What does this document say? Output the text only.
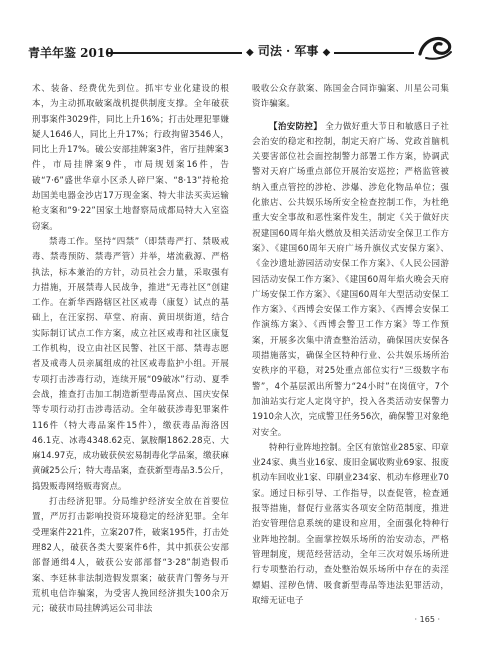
青羊年鉴 2010	◆ 司法 · 军事 ◆

术、装备、经费优先到位。抓牢专业化建设的根本，为主动抓取破案战机提供制度支撑。全年破获刑事案件3029件，同比上升16%；打击处理犯罪嫌疑人1646人，同比上升17%；行政拘留3546人，同比上升17%。破公安部挂牌案3件，省厅挂牌案3件，市局挂牌案9件，市局规划案16件，告破“7·6”盛世华章小区杀人碎尸案、“8·13”持枪抢劫国美电器金沙店17万现金案、特大非法买卖运输枪支案和“9·22”国家土地督察局成都局特大入室盗窃案。

禁毒工作。坚持“四禁”（即禁毒严打、禁吸戒毒、禁毒预防、禁毒严管）并举，堵流截源、严格执法，标本兼治的方针，动员社会力量，采取强有力措施，开展禁毒人民战争，推进“无毒社区”创建工作。在新华西路辖区社区戒毒（康复）试点的基础上，在汪家拐、草堂、府南、黄田坝街道，结合实际制订试点工作方案，成立社区戒毒和社区康复工作机构，设立由社区民警、社区干部、禁毒志愿者及戒毒人员亲属组成的社区戒毒监护小组。开展专项打击涉毒行动，连续开展“09破冰”行动、夏季会战，推查打击加工制造新型毒品窝点、国庆安保等专项行动打击涉毒活动。全年破获涉毒犯罪案件116件（特大毒品案件15件），缴获毒品海洛因46.1克、冰毒4348.62克、氯胺酮1862.28克、大麻14.97克，成功破获侯宏易制毒化学品案，缴获麻黄碱25公斤；特大毒品案，查获新型毒品3.5公斤，捣毁贩毒网络贩毒窝点。

打击经济犯罪。分局维护经济安全放在首要位置，严厉打击影响投资环境稳定的经济犯罪。全年受理案件221件，立案207件，破案195件，打击处理82人，破获各类大要案件6件，其中抓获公安部部督通缉4人，破获公安部部督“3·28”制造假币案、李廷林非法制造假发票案；破获青门警务与开荒机电信诈骗案，为受害人挽回经济损失100余万元；破获市局挂牌鸿运公司非法

吸收公众存款案、陈国金合同诈骗案、川星公司集资诈骗案。

【治安防控】 全力做好重大节日和敏感日子社会治安的稳定和控制，制定天府广场、党政首脑机关要害部位社会面控制警力部署工作方案，协调武警对天府广场重点部位开展治安巡控；严格监管被纳入重点管控的涉枪、涉爆、涉危化物品单位；强化旅店、公共娱乐场所安全检查控制工作，为杜绝重大安全事故和恶性案件发生，制定《关于做好庆祝建国60周年焰火燃放及相关活动安全保卫工作方案》、《建国60周年天府广场升旗仪式安保方案》、《金沙遗址游园活动安保工作方案》、《人民公园游园活动安保工作方案》、《建国60周年焰火晚会天府广场安保工作方案》、《建国60周年大型活动安保工作方案》、《西博会安保工作方案》、《西博会安保工作演练方案》、《西博会警卫工作方案》等工作预案，开展多次集中清查整治活动，确保国庆安保各项措施落实，确保全区特种行业、公共娱乐场所治安秩序的平稳，对25处重点部位实行“三级数字布警”，4个基层派出所警力“24小时”在岗值守，7个加油站实行定人定岗守护，投入各类活动安保警力1910余人次，完成警卫任务56次，确保警卫对象绝对安全。

特种行业阵地控制。全区有旅馆业285家、印章业24家、典当业16家、废旧金属收购业69家、报废机动车回收业1家、印刷业234家、机动车修理业70家。通过日标引导、工作指导，以查促管，检查通报等措施，督促行业落实各项安全防范制度，推进治安管理信息系统的建设和应用，全面强化特种行业阵地控制。全面掌控娱乐场所的治安动态，严格管理制度，规范经营活动，全年三次对娱乐场所进行专项整治行动，查处整治娱乐场所中存在的卖淫嫖娼、淫秽色情、吸食新型毒品等违法犯罪活动，取缔无证电子

· 165 ·
